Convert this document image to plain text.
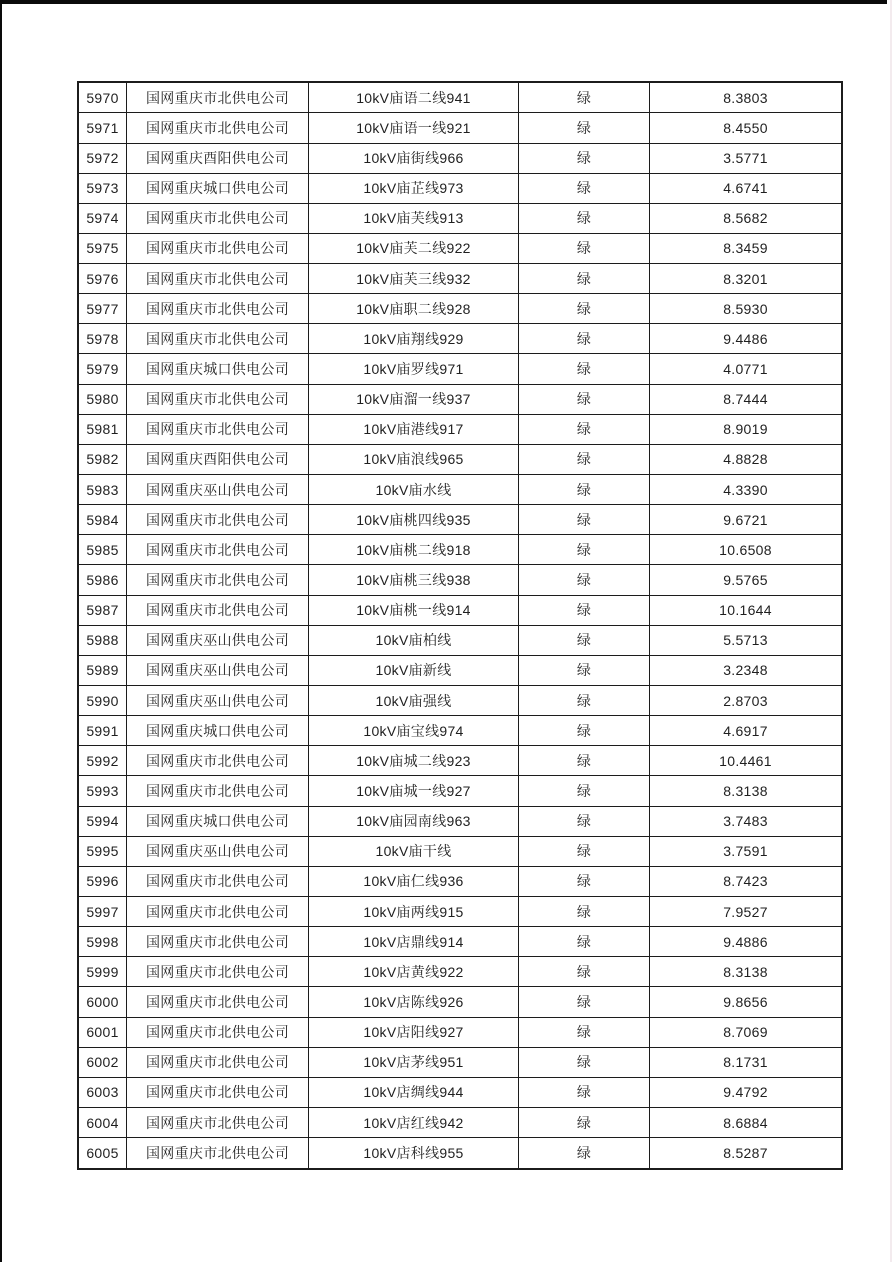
5970	国网重庆市北供电公司	10kV庙语二线941	绿	8.3803
5971	国网重庆市北供电公司	10kV庙语一线921	绿	8.4550
5972	国网重庆酉阳供电公司	10kV庙街线966	绿	3.5771
5973	国网重庆城口供电公司	10kV庙芷线973	绿	4.6741
5974	国网重庆市北供电公司	10kV庙芙线913	绿	8.5682
5975	国网重庆市北供电公司	10kV庙芙二线922	绿	8.3459
5976	国网重庆市北供电公司	10kV庙芙三线932	绿	8.3201
5977	国网重庆市北供电公司	10kV庙职二线928	绿	8.5930
5978	国网重庆市北供电公司	10kV庙翔线929	绿	9.4486
5979	国网重庆城口供电公司	10kV庙罗线971	绿	4.0771
5980	国网重庆市北供电公司	10kV庙溜一线937	绿	8.7444
5981	国网重庆市北供电公司	10kV庙港线917	绿	8.9019
5982	国网重庆酉阳供电公司	10kV庙浪线965	绿	4.8828
5983	国网重庆巫山供电公司	10kV庙水线	绿	4.3390
5984	国网重庆市北供电公司	10kV庙桃四线935	绿	9.6721
5985	国网重庆市北供电公司	10kV庙桃二线918	绿	10.6508
5986	国网重庆市北供电公司	10kV庙桃三线938	绿	9.5765
5987	国网重庆市北供电公司	10kV庙桃一线914	绿	10.1644
5988	国网重庆巫山供电公司	10kV庙柏线	绿	5.5713
5989	国网重庆巫山供电公司	10kV庙新线	绿	3.2348
5990	国网重庆巫山供电公司	10kV庙强线	绿	2.8703
5991	国网重庆城口供电公司	10kV庙宝线974	绿	4.6917
5992	国网重庆市北供电公司	10kV庙城二线923	绿	10.4461
5993	国网重庆市北供电公司	10kV庙城一线927	绿	8.3138
5994	国网重庆城口供电公司	10kV庙园南线963	绿	3.7483
5995	国网重庆巫山供电公司	10kV庙干线	绿	3.7591
5996	国网重庆市北供电公司	10kV庙仁线936	绿	8.7423
5997	国网重庆市北供电公司	10kV庙两线915	绿	7.9527
5998	国网重庆市北供电公司	10kV店鼎线914	绿	9.4886
5999	国网重庆市北供电公司	10kV店黄线922	绿	8.3138
6000	国网重庆市北供电公司	10kV店陈线926	绿	9.8656
6001	国网重庆市北供电公司	10kV店阳线927	绿	8.7069
6002	国网重庆市北供电公司	10kV店茅线951	绿	8.1731
6003	国网重庆市北供电公司	10kV店绸线944	绿	9.4792
6004	国网重庆市北供电公司	10kV店红线942	绿	8.6884
6005	国网重庆市北供电公司	10kV店科线955	绿	8.5287
